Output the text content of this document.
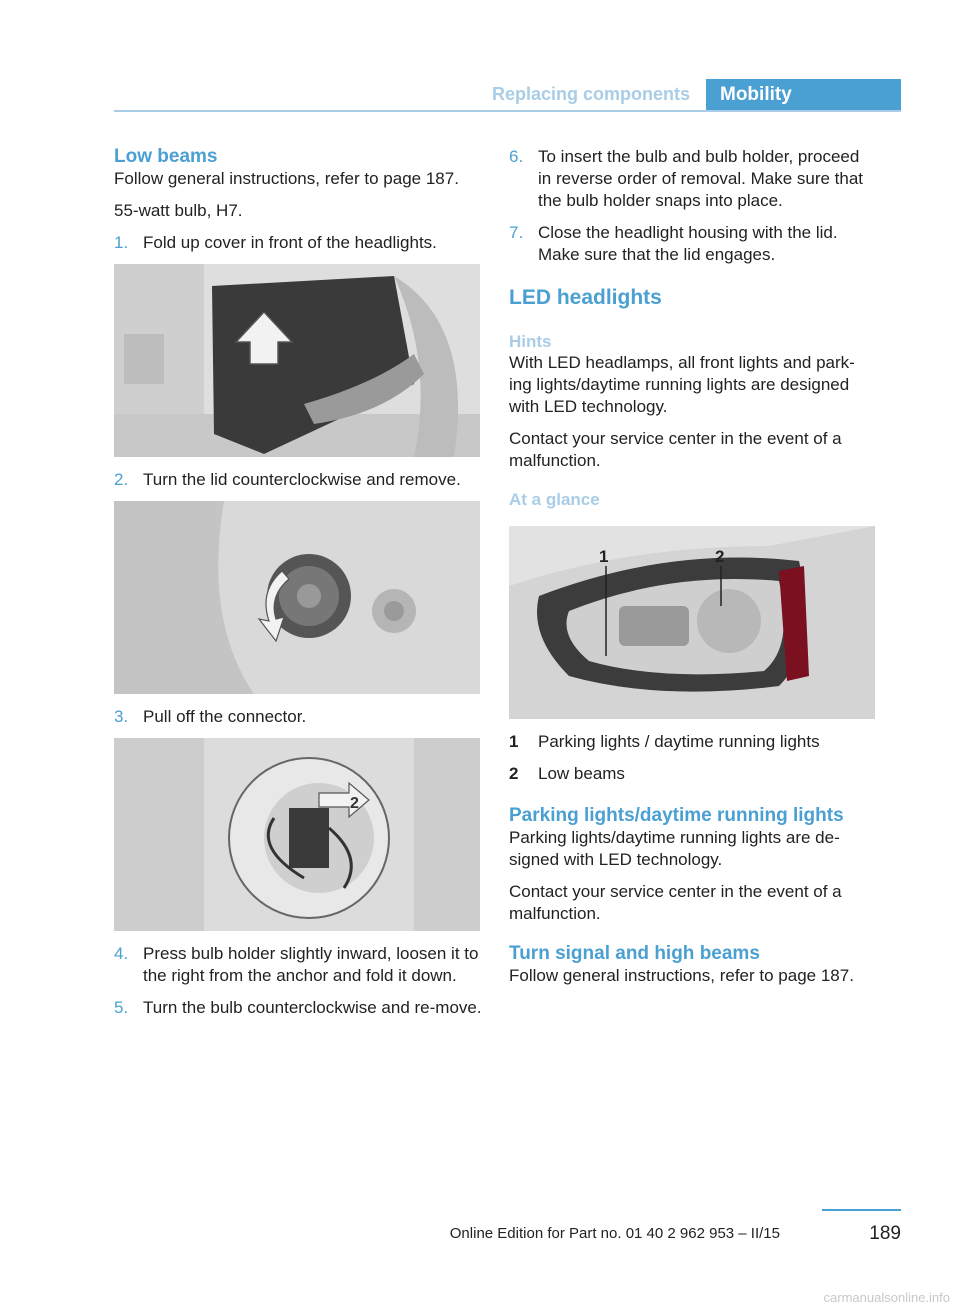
Replacing components	Mobility
Low beams

Follow general instructions, refer to page 187.

55-watt bulb, H7.

1. Fold up cover in front of the headlights.
2. Turn the lid counterclockwise and remove.
3. Pull off the connector.
2
4. Press bulb holder slightly inward, loosen it to the right from the anchor and fold it down.
5. Turn the bulb counterclockwise and re-move.
6. To insert the bulb and bulb holder, proceed in reverse order of removal. Make sure that the bulb holder snaps into place.
7. Close the headlight housing with the lid. Make sure that the lid engages.
LED headlights
Hints

With LED headlamps, all front lights and park-ing lights/daytime running lights are designed with LED technology.

Contact your service center in the event of a malfunction.

At a glance
1	2
1	Parking lights / daytime running lights
2	Low beams
Parking lights/daytime running lights

Parking lights/daytime running lights are de-signed with LED technology.

Contact your service center in the event of a malfunction.

Turn signal and high beams

Follow general instructions, refer to page 187.

Online Edition for Part no. 01 40 2 962 953 – II/15	189
carmanualsonline.info
